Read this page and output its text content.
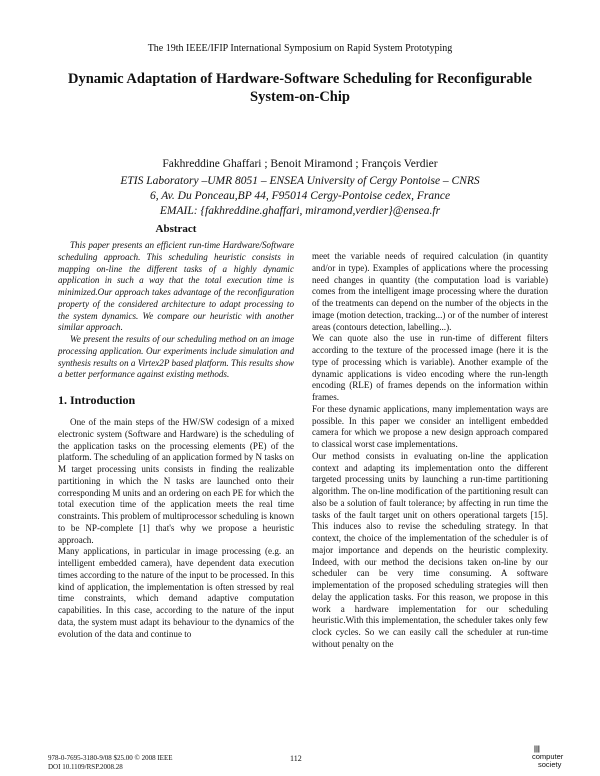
The 19th IEEE/IFIP International Symposium on Rapid System Prototyping
Dynamic Adaptation of Hardware-Software Scheduling for Reconfigurable
System-on-Chip
Fakhreddine Ghaffari ; Benoit Miramond ; François Verdier
ETIS Laboratory –UMR 8051 – ENSEA University of Cergy Pontoise – CNRS
6, Av. Du Ponceau,BP 44, F95014 Cergy-Pontoise cedex, France
EMAIL: {fakhreddine.ghaffari, miramond,verdier}@ensea.fr
Abstract

This paper presents an efficient run-time Hardware/Software scheduling approach. This scheduling heuristic consists in mapping on-line the different tasks of a highly dynamic application in such a way that the total execution time is minimized.Our approach takes advantage of the reconfiguration property of the considered architecture to adapt processing to the system dynamics. We compare our heuristic with another similar approach.

We present the results of our scheduling method on an image processing application. Our experiments include simulation and synthesis results on a Virtex2P based platform. This results show a better performance against existing methods.

1. Introduction

One of the main steps of the HW/SW codesign of a mixed electronic system (Software and Hardware) is the scheduling of the application tasks on the processing elements (PE) of the platform. The scheduling of an application formed by N tasks on M target processing units consists in finding the realizable partitioning in which the N tasks are launched onto their corresponding M units and an ordering on each PE for which the total execution time of the application meets the real time constraints. This problem of multiprocessor scheduling is known to be NP-complete [1] that's why we propose a heuristic approach.

Many applications, in particular in image processing (e.g. an intelligent embedded camera), have dependent data execution times according to the nature of the input to be processed. In this kind of application, the implementation is often stressed by real time constraints, which demand adaptive computation capabilities. In this case, according to the nature of the input data, the system must adapt its behaviour to the dynamics of the evolution of the data and continue to

meet the variable needs of required calculation (in quantity and/or in type). Examples of applications where the processing need changes in quantity (the computation load is variable) comes from the intelligent image processing where the duration of the treatments can depend on the number of the objects in the image (motion detection, tracking...) or of the number of interest areas (contours detection, labelling...).

We can quote also the use in run-time of different filters according to the texture of the processed image (here it is the type of processing which is variable). Another example of the dynamic applications is video encoding where the run-length encoding (RLE) of frames depends on the information within frames.

For these dynamic applications, many implementation ways are possible. In this paper we consider an intelligent embedded camera for which we propose a new design approach compared to classical worst case implementations.

Our method consists in evaluating on-line the application context and adapting its implementation onto the different targeted processing units by launching a run-time partitioning algorithm. The on-line modification of the partitioning result can also be a solution of fault tolerance; by affecting in run time the tasks of the fault target unit on others operational targets [15]. This induces also to revise the scheduling strategy. In that context, the choice of the implementation of the scheduler is of major importance and depends on the heuristic complexity. Indeed, with our method the decisions taken on-line by our scheduler can be very time consuming. A software implementation of the proposed scheduling strategies will then delay the application tasks. For this reason, we propose in this work a hardware implementation for our scheduling heuristic.With this implementation, the scheduler takes only few clock cycles. So we can easily call the scheduler at run-time without penalty on the

978-0-7695-3180-9/08 $25.00 © 2008 IEEE
DOI 10.1109/RSP.2008.28
112
|||
computer
society
